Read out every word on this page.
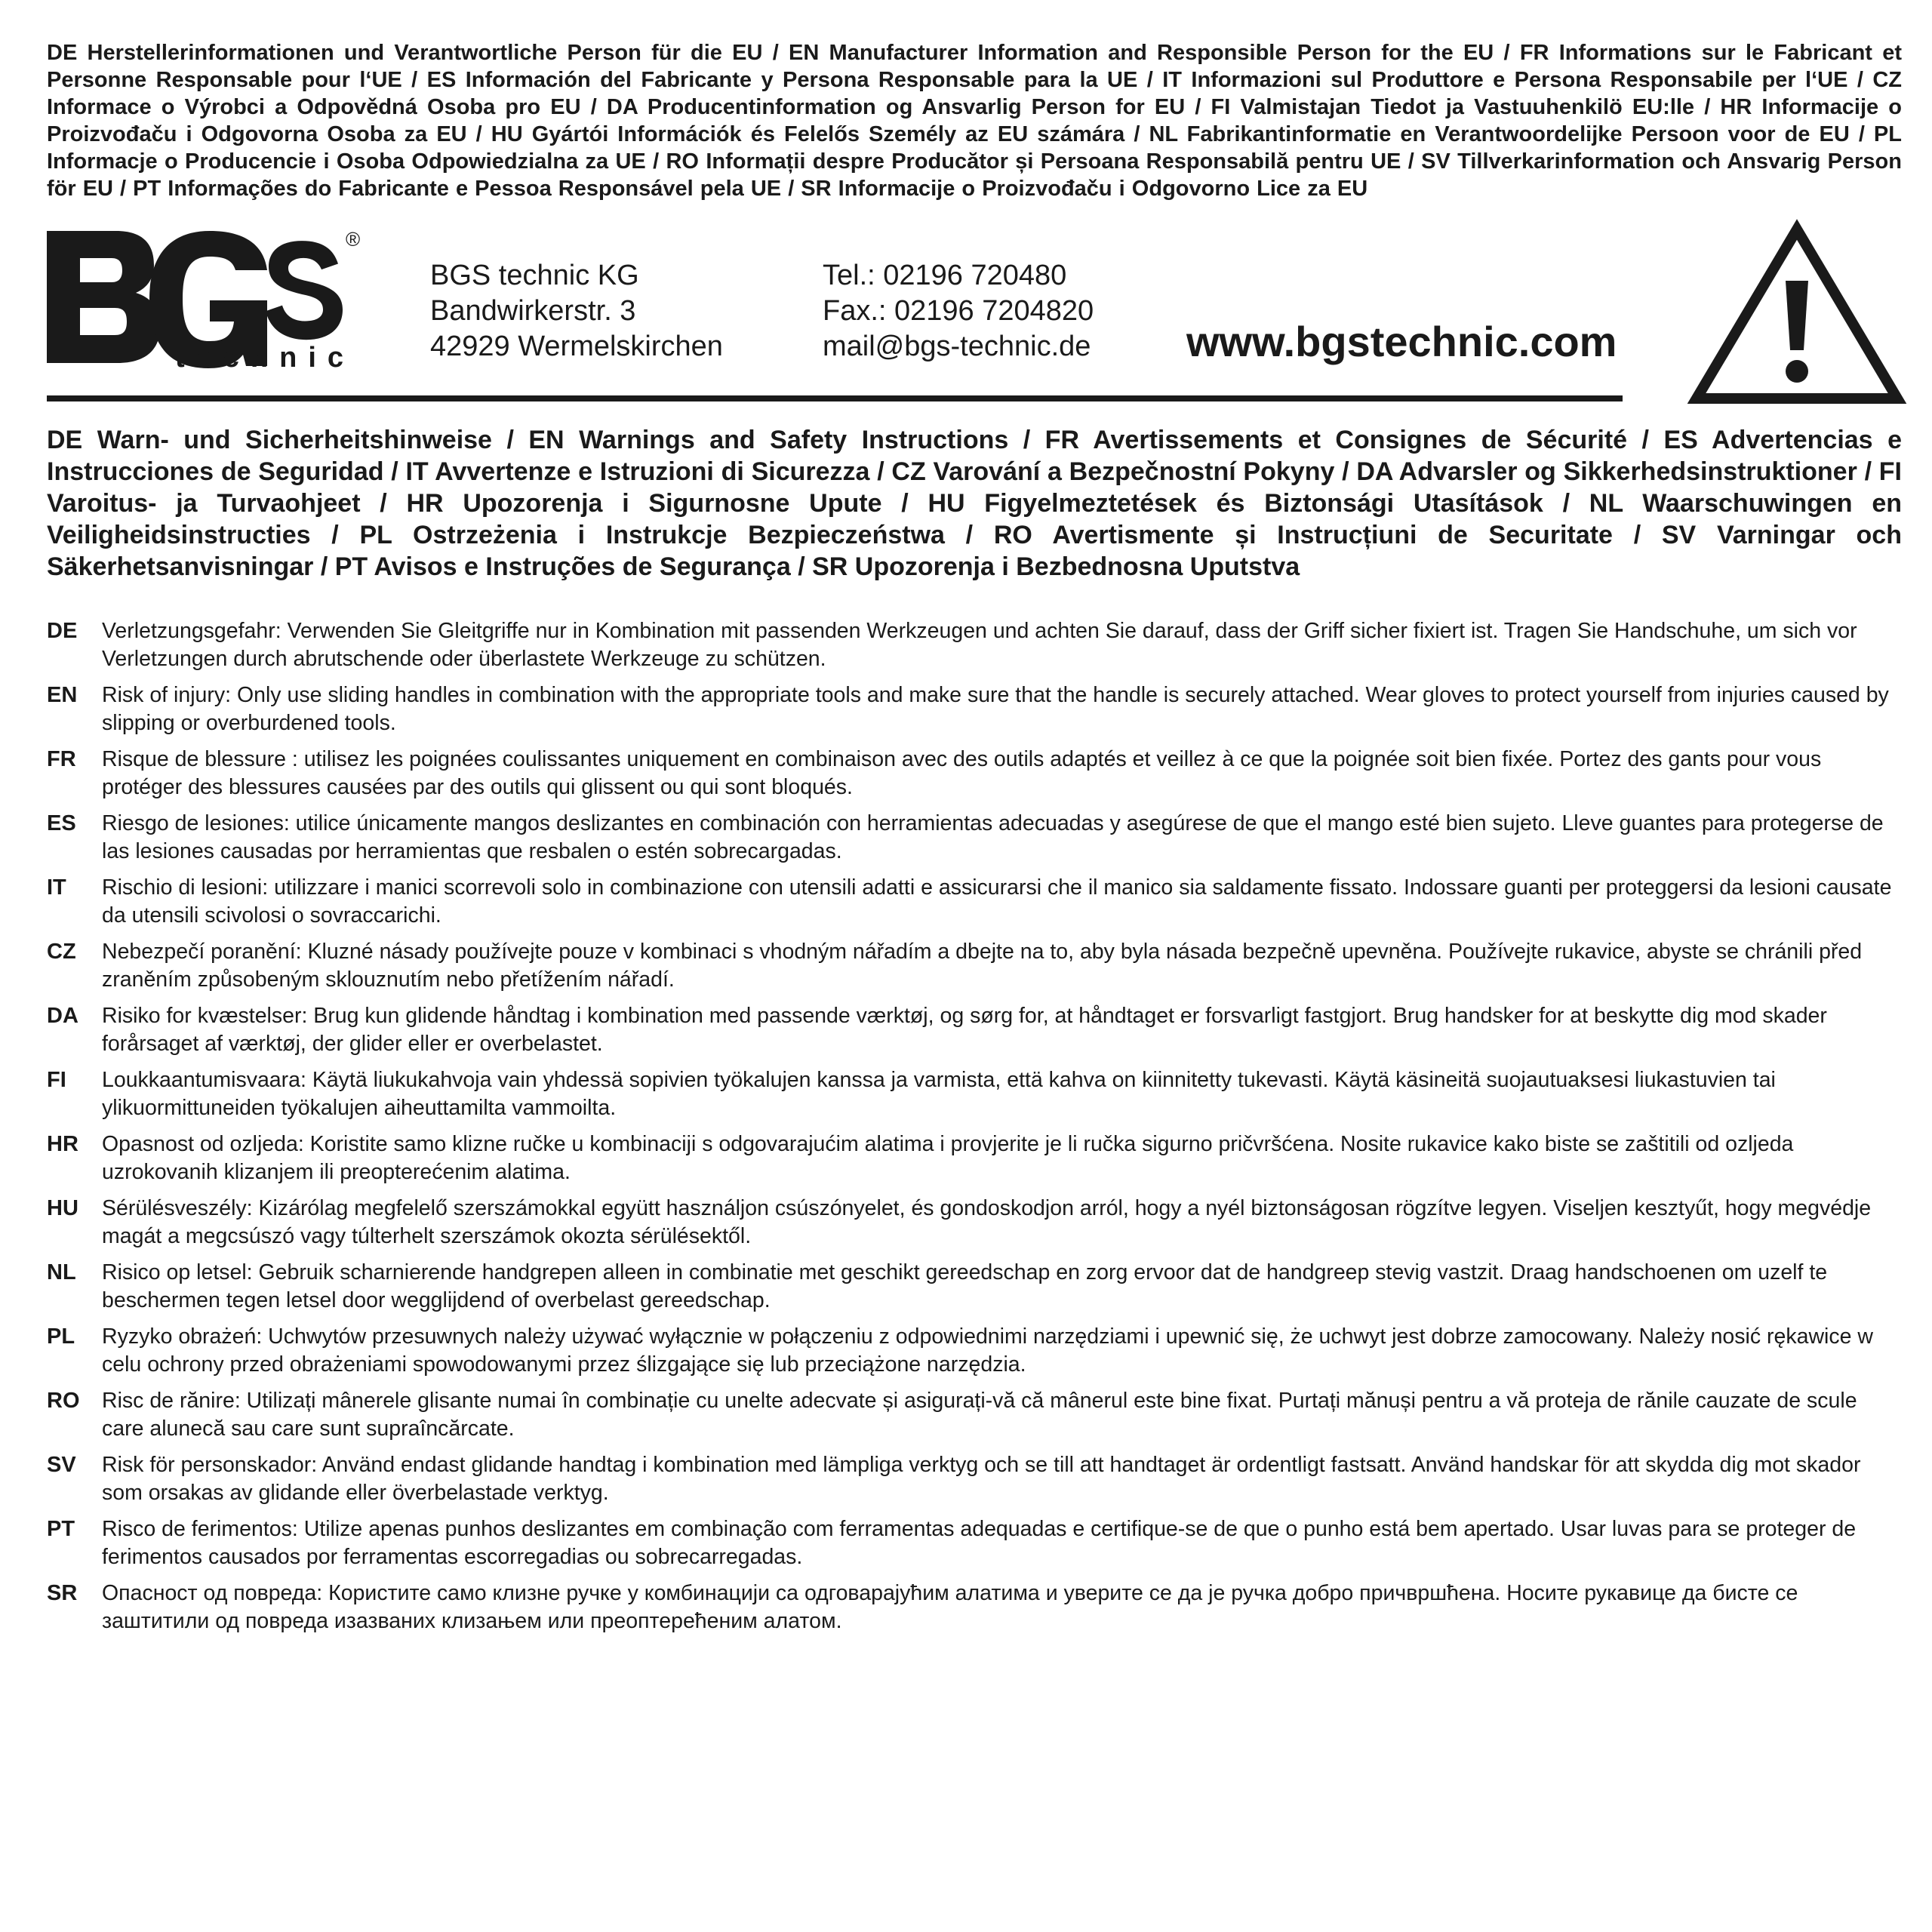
DE Herstellerinformationen und Verantwortliche Person für die EU / EN Manufacturer Information and Responsible Person for the EU / FR Informations sur le Fabricant et Personne Responsable pour l‘UE / ES Información del Fabricante y Persona Responsable para la UE / IT Informazioni sul Produttore e Persona Responsabile per l‘UE / CZ Informace o Výrobci a Odpovědná Osoba pro EU / DA Producentinformation og Ansvarlig Person for EU / FI Valmistajan Tiedot ja Vastuuhenkilö EU:lle / HR Informacije o Proizvođaču i Odgovorna Osoba za EU / HU Gyártói Információk és Felelős Személy az EU számára / NL Fabrikantinformatie en Verantwoordelijke Persoon voor de EU / PL Informacje o Producencie i Osoba Odpowiedzialna za UE / RO Informații despre Producător și Persoana Responsabilă pentru UE / SV Tillverkarinformation och Ansvarig Person för EU / PT Informações do Fabricante e Pessoa Responsável pela UE / SR Informacije o Proizvođaču i Odgovorno Lice za EU

®
technic
BGS technic KG
Bandwirkerstr. 3
42929 Wermelskirchen
Tel.: 02196 720480
Fax.: 02196 7204820
mail@bgs-technic.de www.bgstechnic.com

DE Warn- und Sicherheitshinweise / EN Warnings and Safety Instructions / FR Avertissements et Consignes de Sécurité / ES Advertencias e Instrucciones de Seguridad / IT Avvertenze e Istruzioni di Sicurezza / CZ Varování a Bezpečnostní Pokyny / DA Advarsler og Sikkerhedsinstruktioner / FI Varoitus- ja Turvaohjeet / HR Upozorenja i Sigurnosne Upute / HU Figyelmeztetések és Biztonsági Utasítások / NL Waarschuwingen en Veiligheidsinstructies / PL Ostrzeżenia i Instrukcje Bezpieczeństwa / RO Avertismente și Instrucțiuni de Securitate / SV Varningar och Säkerhetsanvisningar / PT Avisos e Instruções de Segurança / SR Upozorenja i Bezbednosna Uputstva

DE Verletzungsgefahr: Verwenden Sie Gleitgriffe nur in Kombination mit passenden Werkzeugen und achten Sie darauf, dass der Griff sicher fixiert ist. Tragen Sie Handschuhe, um sich vor Verletzungen durch abrutschende oder überlastete Werkzeuge zu schützen.
EN Risk of injury: Only use sliding handles in combination with the appropriate tools and make sure that the handle is securely attached. Wear gloves to protect yourself from injuries caused by slipping or overburdened tools.
FR Risque de blessure : utilisez les poignées coulissantes uniquement en combinaison avec des outils adaptés et veillez à ce que la poignée soit bien fixée. Portez des gants pour vous protéger des blessures causées par des outils qui glissent ou qui sont bloqués.
ES Riesgo de lesiones: utilice únicamente mangos deslizantes en combinación con herramientas adecuadas y asegúrese de que el mango esté bien sujeto. Lleve guantes para protegerse de las lesiones causadas por herramientas que resbalen o estén sobrecargadas.
IT Rischio di lesioni: utilizzare i manici scorrevoli solo in combinazione con utensili adatti e assicurarsi che il manico sia saldamente fissato. Indossare guanti per proteggersi da lesioni causate da utensili scivolosi o sovraccarichi.
CZ Nebezpečí poranění: Kluzné násady používejte pouze v kombinaci s vhodným nářadím a dbejte na to, aby byla násada bezpečně upevněna. Používejte rukavice, abyste se chránili před zraněním způsobeným sklouznutím nebo přetížením nářadí.
DA Risiko for kvæstelser: Brug kun glidende håndtag i kombination med passende værktøj, og sørg for, at håndtaget er forsvarligt fastgjort. Brug handsker for at beskytte dig mod skader forårsaget af værktøj, der glider eller er overbelastet.
FI Loukkaantumisvaara: Käytä liukukahvoja vain yhdessä sopivien työkalujen kanssa ja varmista, että kahva on kiinnitetty tukevasti. Käytä käsineitä suojautuaksesi liukastuvien tai ylikuormittuneiden työkalujen aiheuttamilta vammoilta.
HR Opasnost od ozljeda: Koristite samo klizne ručke u kombinaciji s odgovarajućim alatima i provjerite je li ručka sigurno pričvršćena. Nosite rukavice kako biste se zaštitili od ozljeda uzrokovanih klizanjem ili preopterećenim alatima.
HU Sérülésveszély: Kizárólag megfelelő szerszámokkal együtt használjon csúszónyelet, és gondoskodjon arról, hogy a nyél biztonságosan rögzítve legyen. Viseljen kesztyűt, hogy megvédje magát a megcsúszó vagy túlterhelt szerszámok okozta sérülésektől.
NL Risico op letsel: Gebruik scharnierende handgrepen alleen in combinatie met geschikt gereedschap en zorg ervoor dat de handgreep stevig vastzit. Draag handschoenen om uzelf te beschermen tegen letsel door wegglijdend of overbelast gereedschap.
PL Ryzyko obrażeń: Uchwytów przesuwnych należy używać wyłącznie w połączeniu z odpowiednimi narzędziami i upewnić się, że uchwyt jest dobrze zamocowany. Należy nosić rękawice w celu ochrony przed obrażeniami spowodowanymi przez ślizgające się lub przeciążone narzędzia.
RO Risc de rănire: Utilizați mânerele glisante numai în combinație cu unelte adecvate și asigurați-vă că mânerul este bine fixat. Purtați mănuși pentru a vă proteja de rănile cauzate de scule care alunecă sau care sunt supraîncărcate.
SV Risk för personskador: Använd endast glidande handtag i kombination med lämpliga verktyg och se till att handtaget är ordentligt fastsatt. Använd handskar för att skydda dig mot skador som orsakas av glidande eller överbelastade verktyg.
PT Risco de ferimentos: Utilize apenas punhos deslizantes em combinação com ferramentas adequadas e certifique-se de que o punho está bem apertado. Usar luvas para se proteger de ferimentos causados por ferramentas escorregadias ou sobrecarregadas.
SR Опасност од повреда: Користите само клизне ручке у комбинацији са одговарајућим алатима и уверите се да је ручка добро причвршћена. Носите рукавице да бисте се заштитили од повреда изазваних клизањем или преоптерећеним алатом.
